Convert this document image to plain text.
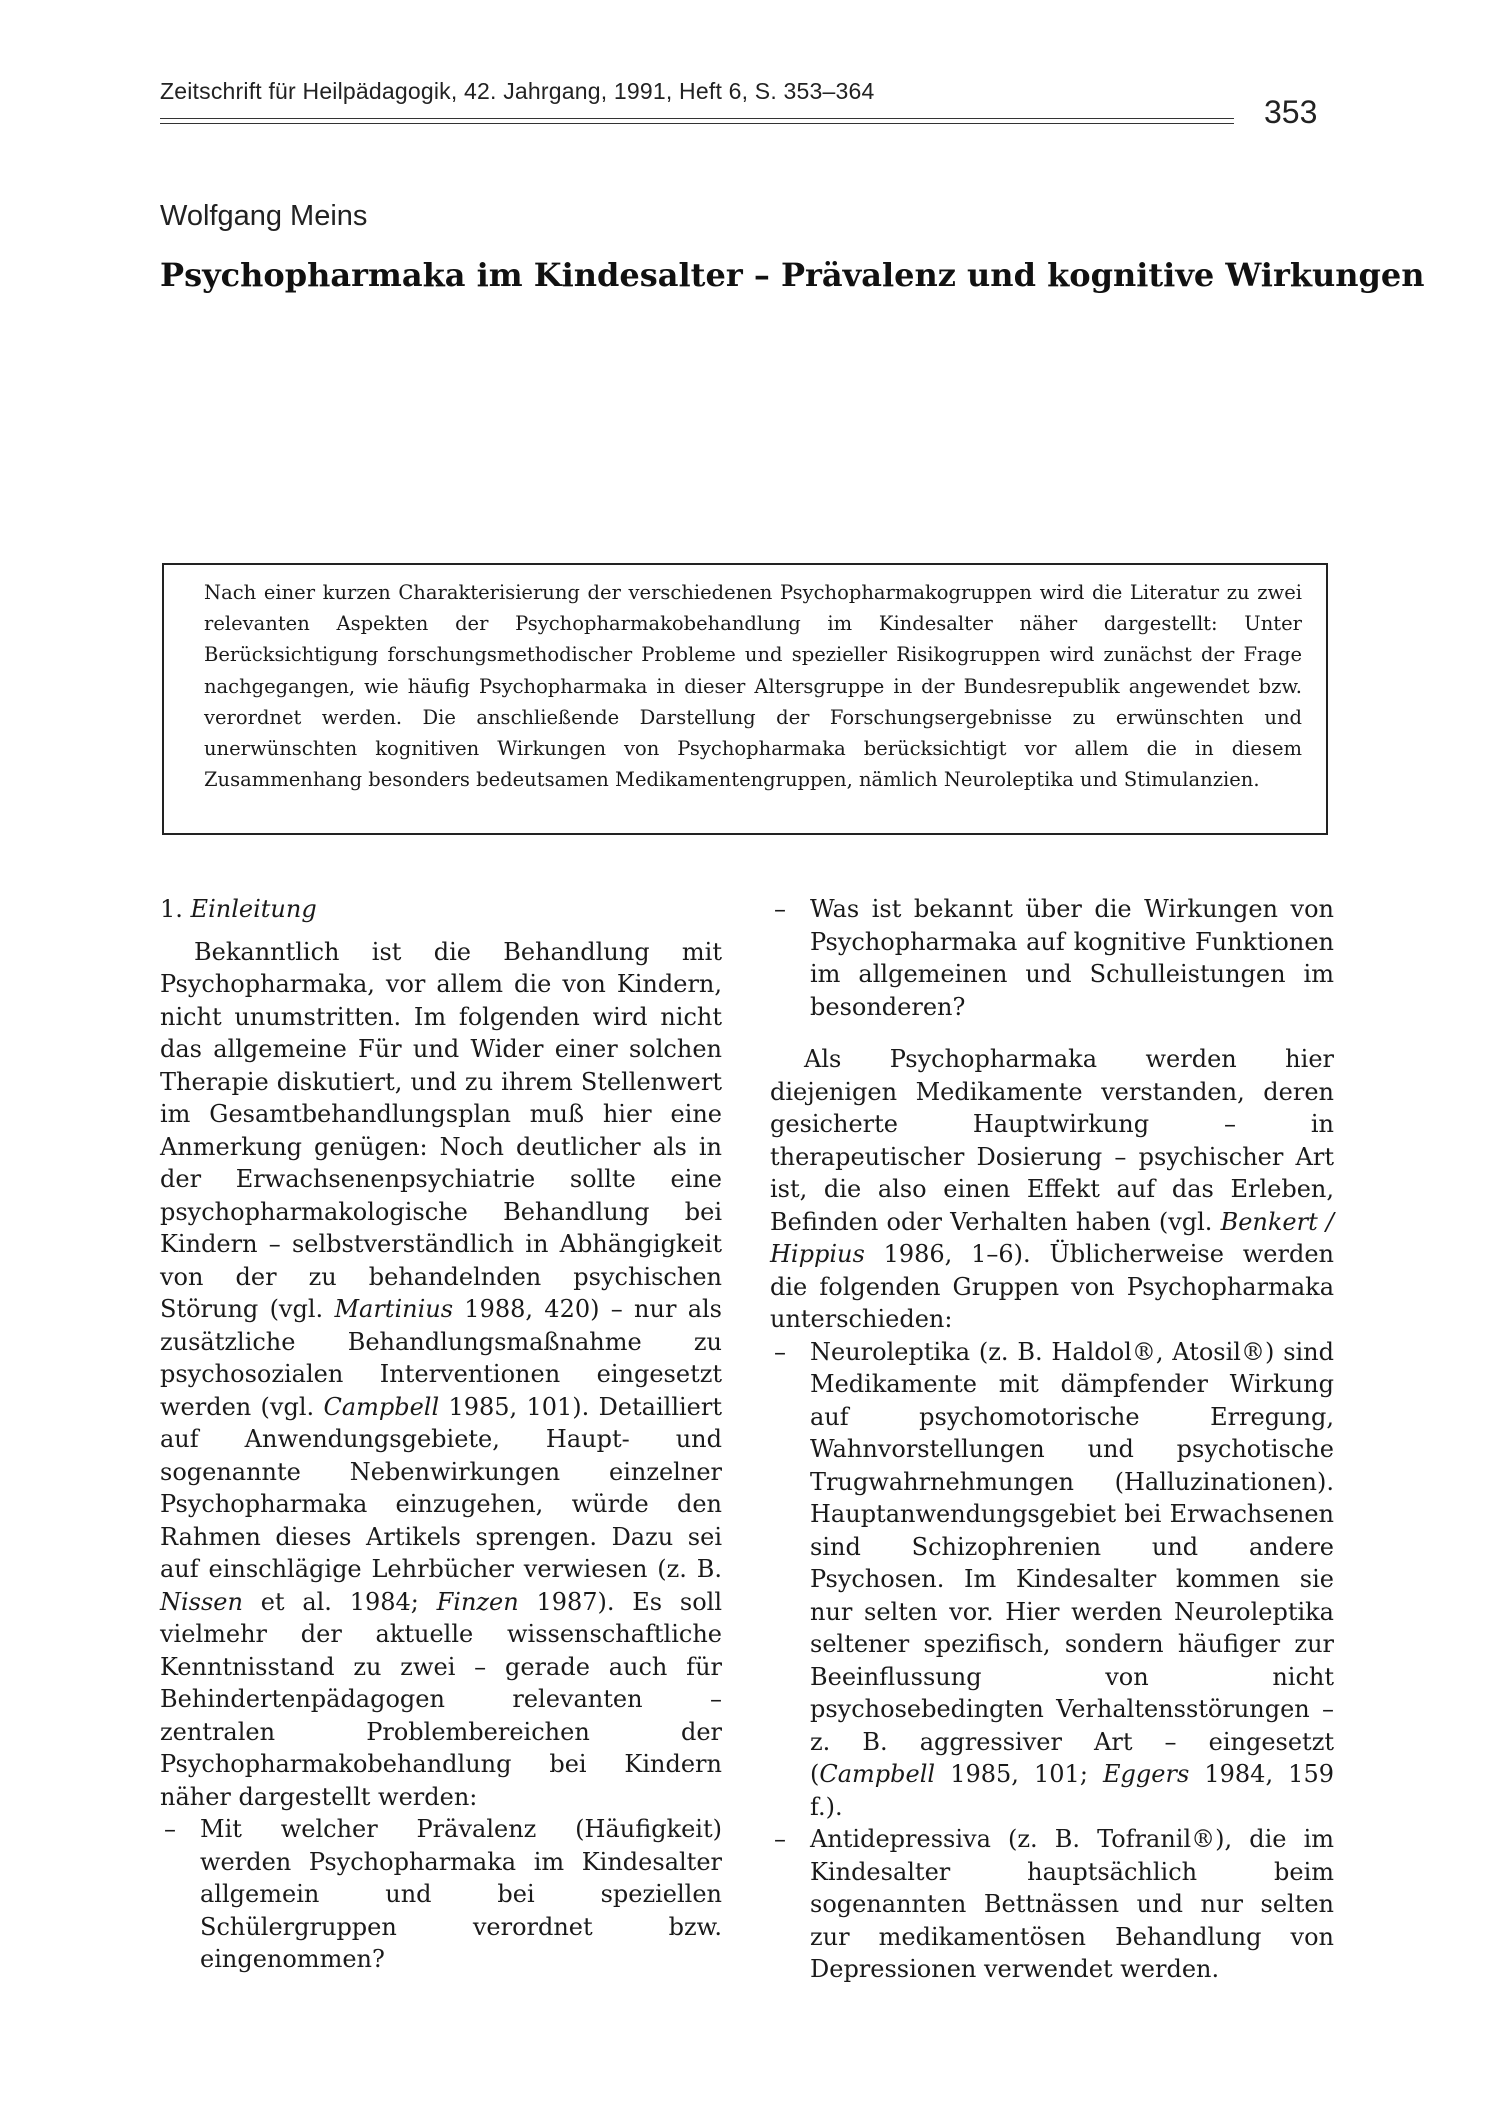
Zeitschrift für Heilpädagogik, 42. Jahrgang, 1991, Heft 6, S. 353–364
353
Wolfgang Meins
Psychopharmaka im Kindesalter – Prävalenz und kognitive Wirkungen

Nach einer kurzen Charakterisierung der verschiedenen Psychopharmakogruppen wird die Literatur zu zwei relevanten Aspekten der Psychopharmakobehandlung im Kindesalter näher dargestellt: Unter Berücksichtigung forschungsmethodischer Probleme und spezieller Risikogruppen wird zunächst der Frage nachgegangen, wie häufig Psychopharmaka in dieser Altersgruppe in der Bundesrepublik angewendet bzw. verordnet werden. Die anschließende Darstellung der Forschungsergebnisse zu erwünschten und unerwünschten kognitiven Wirkungen von Psychopharmaka berücksichtigt vor allem die in diesem Zusammenhang besonders bedeutsamen Medikamentengruppen, nämlich Neuroleptika und Stimulanzien.

1. Einleitung

Bekanntlich ist die Behandlung mit Psychopharmaka, vor allem die von Kindern, nicht unumstritten. Im folgenden wird nicht das allgemeine Für und Wider einer solchen Therapie diskutiert, und zu ihrem Stellenwert im Gesamtbehandlungsplan muß hier eine Anmerkung genügen: Noch deutlicher als in der Erwachsenenpsychiatrie sollte eine psychopharmakologische Behandlung bei Kindern – selbstverständlich in Abhängigkeit von der zu behandelnden psychischen Störung (vgl. Martinius 1988, 420) – nur als zusätzliche Behandlungsmaßnahme zu psychosozialen Interventionen eingesetzt werden (vgl. Campbell 1985, 101). Detailliert auf Anwendungsgebiete, Haupt- und sogenannte Nebenwirkungen einzelner Psychopharmaka einzugehen, würde den Rahmen dieses Artikels sprengen. Dazu sei auf einschlägige Lehrbücher verwiesen (z. B. Nissen et al. 1984; Finzen 1987). Es soll vielmehr der aktuelle wissenschaftliche Kenntnisstand zu zwei – gerade auch für Behindertenpädagogen relevanten – zentralen Problembereichen der Psychopharmakobehandlung bei Kindern näher dargestellt werden:

– Mit welcher Prävalenz (Häufigkeit) werden Psychopharmaka im Kindesalter allgemein und bei speziellen Schülergruppen verordnet bzw. eingenommen?
– Was ist bekannt über die Wirkungen von Psychopharmaka auf kognitive Funktionen im allgemeinen und Schulleistungen im besonderen?

Als Psychopharmaka werden hier diejenigen Medikamente verstanden, deren gesicherte Hauptwirkung – in therapeutischer Dosierung – psychischer Art ist, die also einen Effekt auf das Erleben, Befinden oder Verhalten haben (vgl. Benkert / Hippius 1986, 1–6). Üblicherweise werden die folgenden Gruppen von Psychopharmaka unterschieden:

– Neuroleptika (z. B. Haldol®, Atosil®) sind Medikamente mit dämpfender Wirkung auf psychomotorische Erregung, Wahnvorstellungen und psychotische Trugwahrnehmungen (Halluzinationen). Hauptanwendungsgebiet bei Erwachsenen sind Schizophrenien und andere Psychosen. Im Kindesalter kommen sie nur selten vor. Hier werden Neuroleptika seltener spezifisch, sondern häufiger zur Beeinflussung von nicht psychosebedingten Verhaltensstörungen – z. B. aggressiver Art – eingesetzt (Campbell 1985, 101; Eggers 1984, 159 f.).
– Antidepressiva (z. B. Tofranil®), die im Kindesalter hauptsächlich beim sogenannten Bettnässen und nur selten zur medikamentösen Behandlung von Depressionen verwendet werden.
